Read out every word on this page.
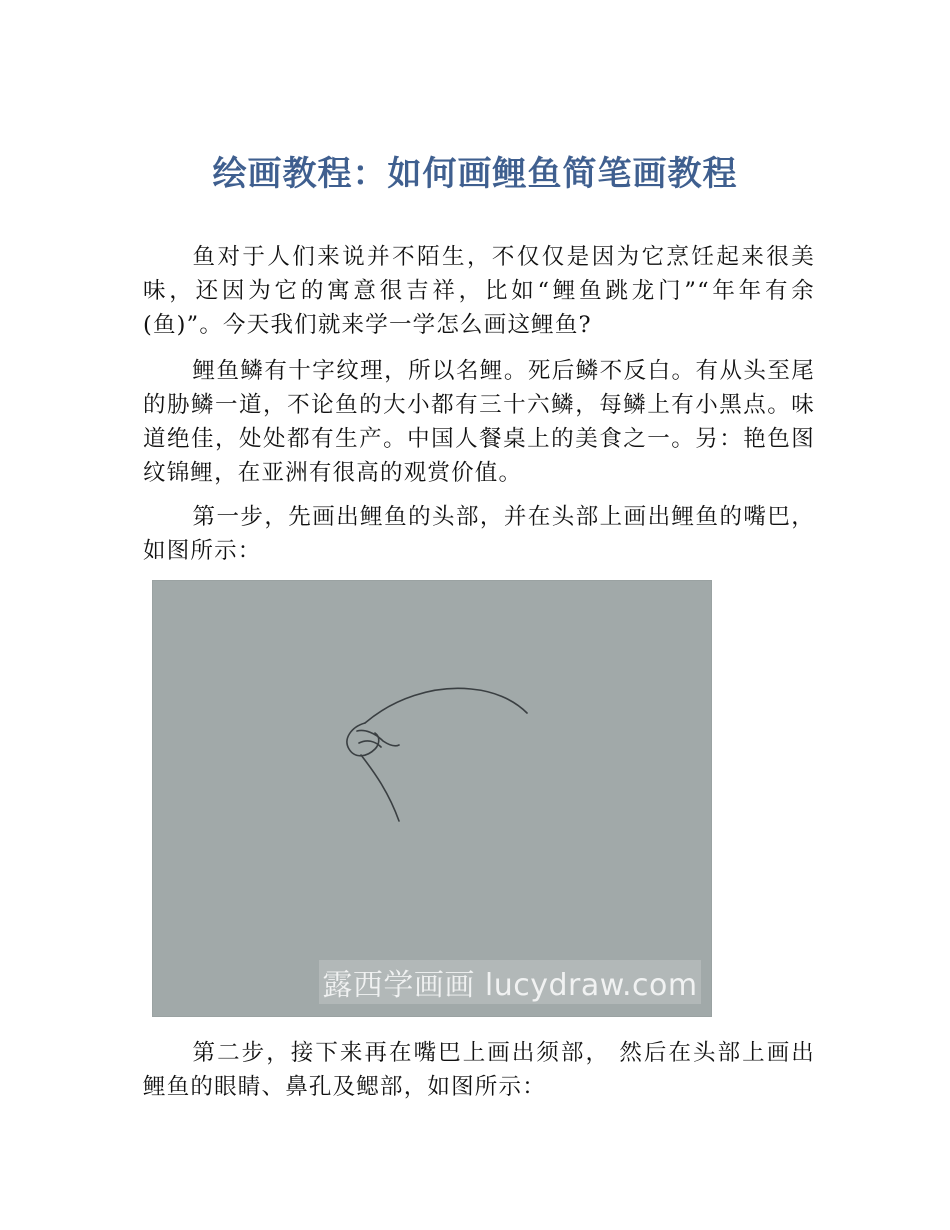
绘画教程：如何画鲤鱼简笔画教程

鱼对于人们来说并不陌生，不仅仅是因为它烹饪起来很美味，还因为它的寓意很吉祥，比如“鲤鱼跳龙门”“年年有余(鱼)”。今天我们就来学一学怎么画这鲤鱼?

鲤鱼鳞有十字纹理，所以名鲤。死后鳞不反白。有从头至尾的胁鳞一道，不论鱼的大小都有三十六鳞，每鳞上有小黑点。味道绝佳，处处都有生产。中国人餐桌上的美食之一。另：艳色图纹锦鲤，在亚洲有很高的观赏价值。

第一步，先画出鲤鱼的头部，并在头部上画出鲤鱼的嘴巴，如图所示：

露西学画画 lucydraw.com

第二步，接下来再在嘴巴上画出须部， 然后在头部上画出鲤鱼的眼睛、鼻孔及鳃部，如图所示：
